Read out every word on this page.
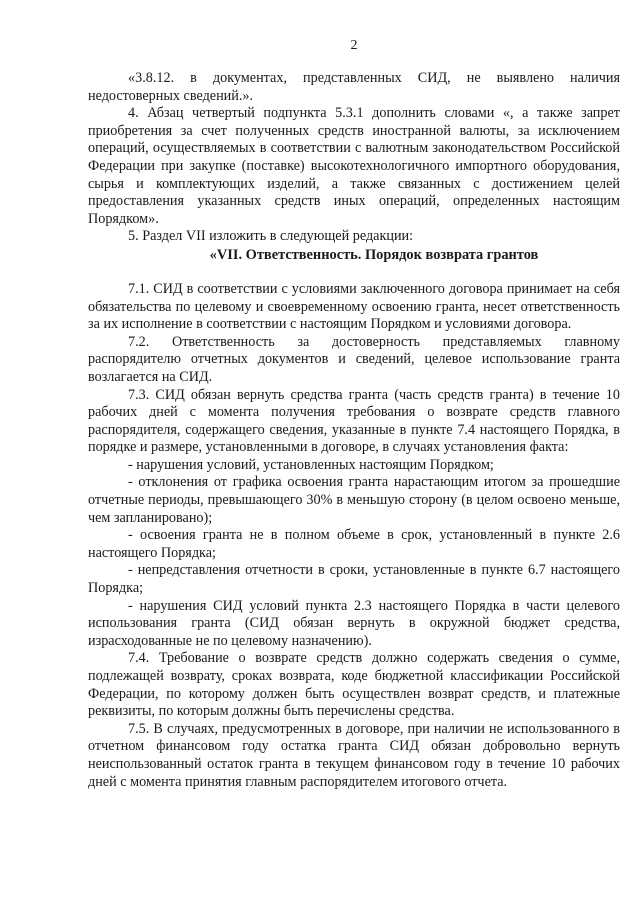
2

«3.8.12. в документах, представленных СИД, не выявлено наличия недостоверных сведений.».

4. Абзац четвертый подпункта 5.3.1 дополнить словами «, а также запрет приобретения за счет полученных средств иностранной валюты, за исключением операций, осуществляемых в соответствии с валютным законодательством Российской Федерации при закупке (поставке) высокотехнологичного импортного оборудования, сырья и комплектующих изделий, а также связанных с достижением целей предоставления указанных средств иных операций, определенных настоящим Порядком».

5. Раздел VII изложить в следующей редакции:

«VII. Ответственность. Порядок возврата грантов

7.1. СИД в соответствии с условиями заключенного договора принимает на себя обязательства по целевому и своевременному освоению гранта, несет ответственность за их исполнение в соответствии с настоящим Порядком и условиями договора.

7.2. Ответственность за достоверность представляемых главному распорядителю отчетных документов и сведений, целевое использование гранта возлагается на СИД.

7.3. СИД обязан вернуть средства гранта (часть средств гранта) в течение 10 рабочих дней с момента получения требования о возврате средств главного распорядителя, содержащего сведения, указанные в пункте 7.4 настоящего Порядка, в порядке и размере, установленными в договоре, в случаях установления факта:

- нарушения условий, установленных настоящим Порядком;

- отклонения от графика освоения гранта нарастающим итогом за прошедшие отчетные периоды, превышающего 30% в меньшую сторону (в целом освоено меньше, чем запланировано);

- освоения гранта не в полном объеме в срок, установленный в пункте 2.6 настоящего Порядка;

- непредставления отчетности в сроки, установленные в пункте 6.7 настоящего Порядка;

- нарушения СИД условий пункта 2.3 настоящего Порядка в части целевого использования гранта (СИД обязан вернуть в окружной бюджет средства, израсходованные не по целевому назначению).

7.4. Требование о возврате средств должно содержать сведения о сумме, подлежащей возврату, сроках возврата, коде бюджетной классификации Российской Федерации, по которому должен быть осуществлен возврат средств, и платежные реквизиты, по которым должны быть перечислены средства.

7.5. В случаях, предусмотренных в договоре, при наличии не использованного в отчетном финансовом году остатка гранта СИД обязан добровольно вернуть неиспользованный остаток гранта в текущем финансовом году в течение 10 рабочих дней с момента принятия главным распорядителем итогового отчета.
